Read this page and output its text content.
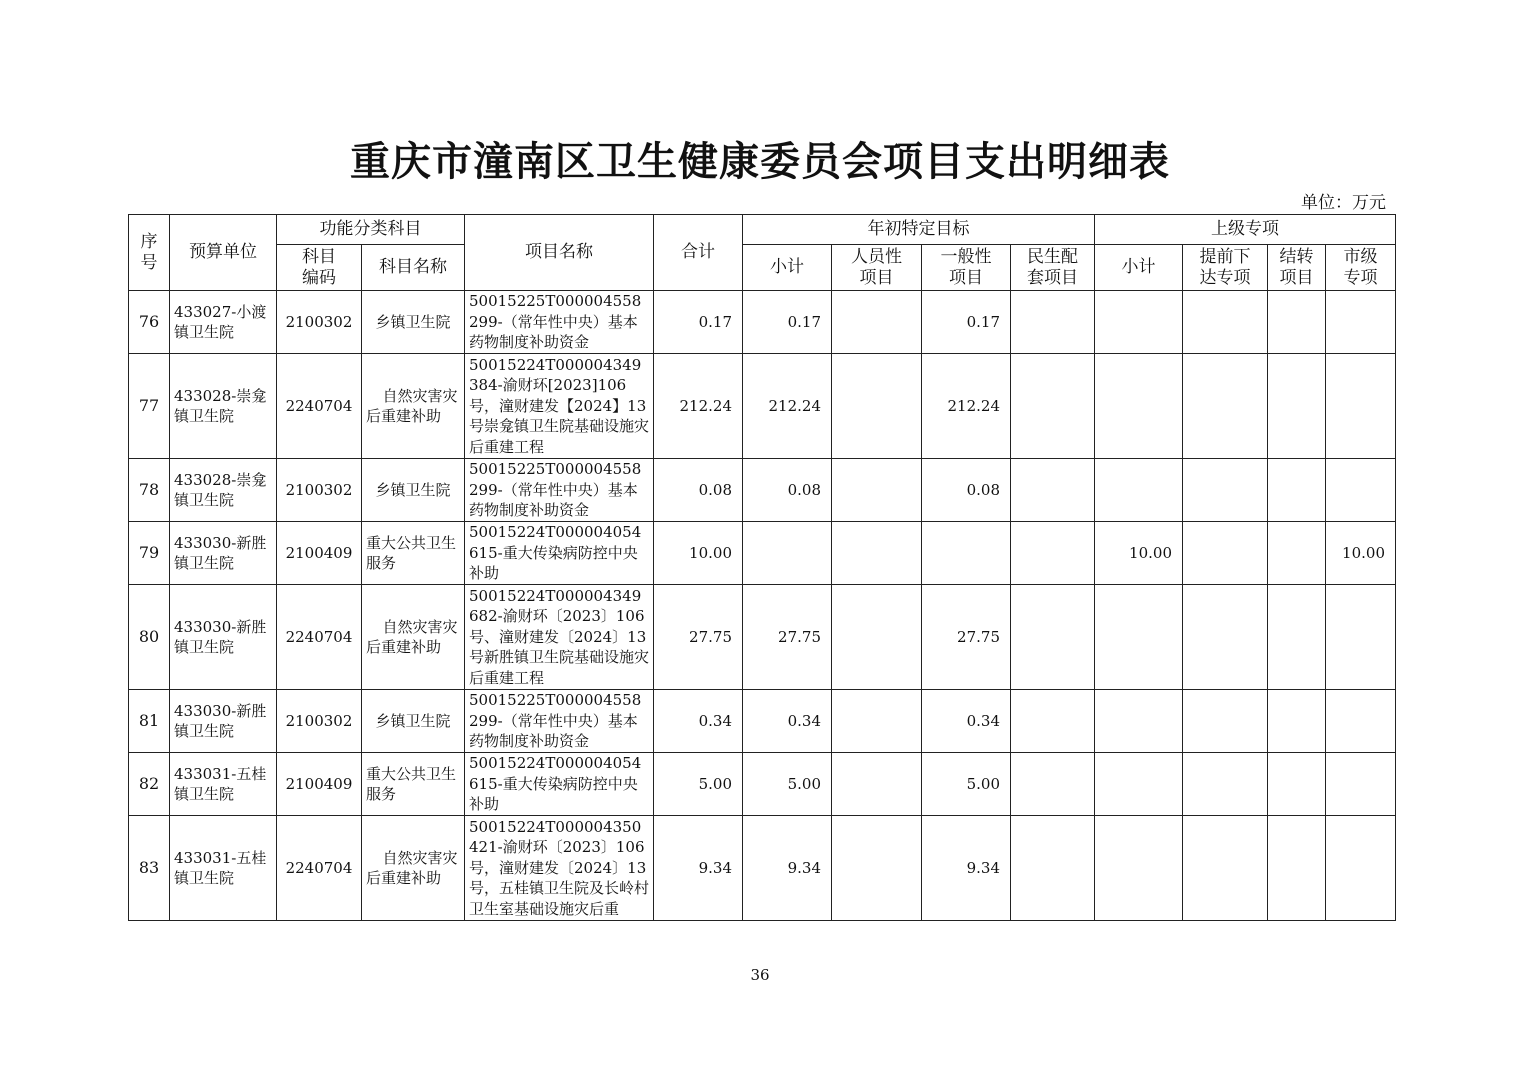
重庆市潼南区卫生健康委员会项目支出明细表
单位：万元
序号	预算单位	功能分类科目		项目名称	合计	年初特定目标				上级专项			
		科目编码	科目名称			小计	人员性项目	一般性项目	民生配套项目	小计	提前下达专项	结转项目	市级专项
76	433027-小渡镇卫生院	2100302	乡镇卫生院	50015225T000004558299-（常年性中央）基本药物制度补助资金	0.17	0.17		0.17					
77	433028-崇龛镇卫生院	2240704	自然灾害灾后重建补助	50015224T000004349384-渝财环[2023]106号，潼财建发【2024】13号崇龛镇卫生院基础设施灾后重建工程	212.24	212.24		212.24					
78	433028-崇龛镇卫生院	2100302	乡镇卫生院	50015225T000004558299-（常年性中央）基本药物制度补助资金	0.08	0.08		0.08					
79	433030-新胜镇卫生院	2100409	重大公共卫生服务	50015224T000004054615-重大传染病防控中央补助	10.00					10.00			10.00
80	433030-新胜镇卫生院	2240704	自然灾害灾后重建补助	50015224T000004349682-渝财环〔2023〕106号、潼财建发〔2024〕13号新胜镇卫生院基础设施灾后重建工程	27.75	27.75		27.75					
81	433030-新胜镇卫生院	2100302	乡镇卫生院	50015225T000004558299-（常年性中央）基本药物制度补助资金	0.34	0.34		0.34					
82	433031-五桂镇卫生院	2100409	重大公共卫生服务	50015224T000004054615-重大传染病防控中央补助	5.00	5.00		5.00					
83	433031-五桂镇卫生院	2240704	自然灾害灾后重建补助	50015224T000004350421-渝财环〔2023〕106号，潼财建发〔2024〕13号，五桂镇卫生院及长岭村卫生室基础设施灾后重	9.34	9.34		9.34					
36
